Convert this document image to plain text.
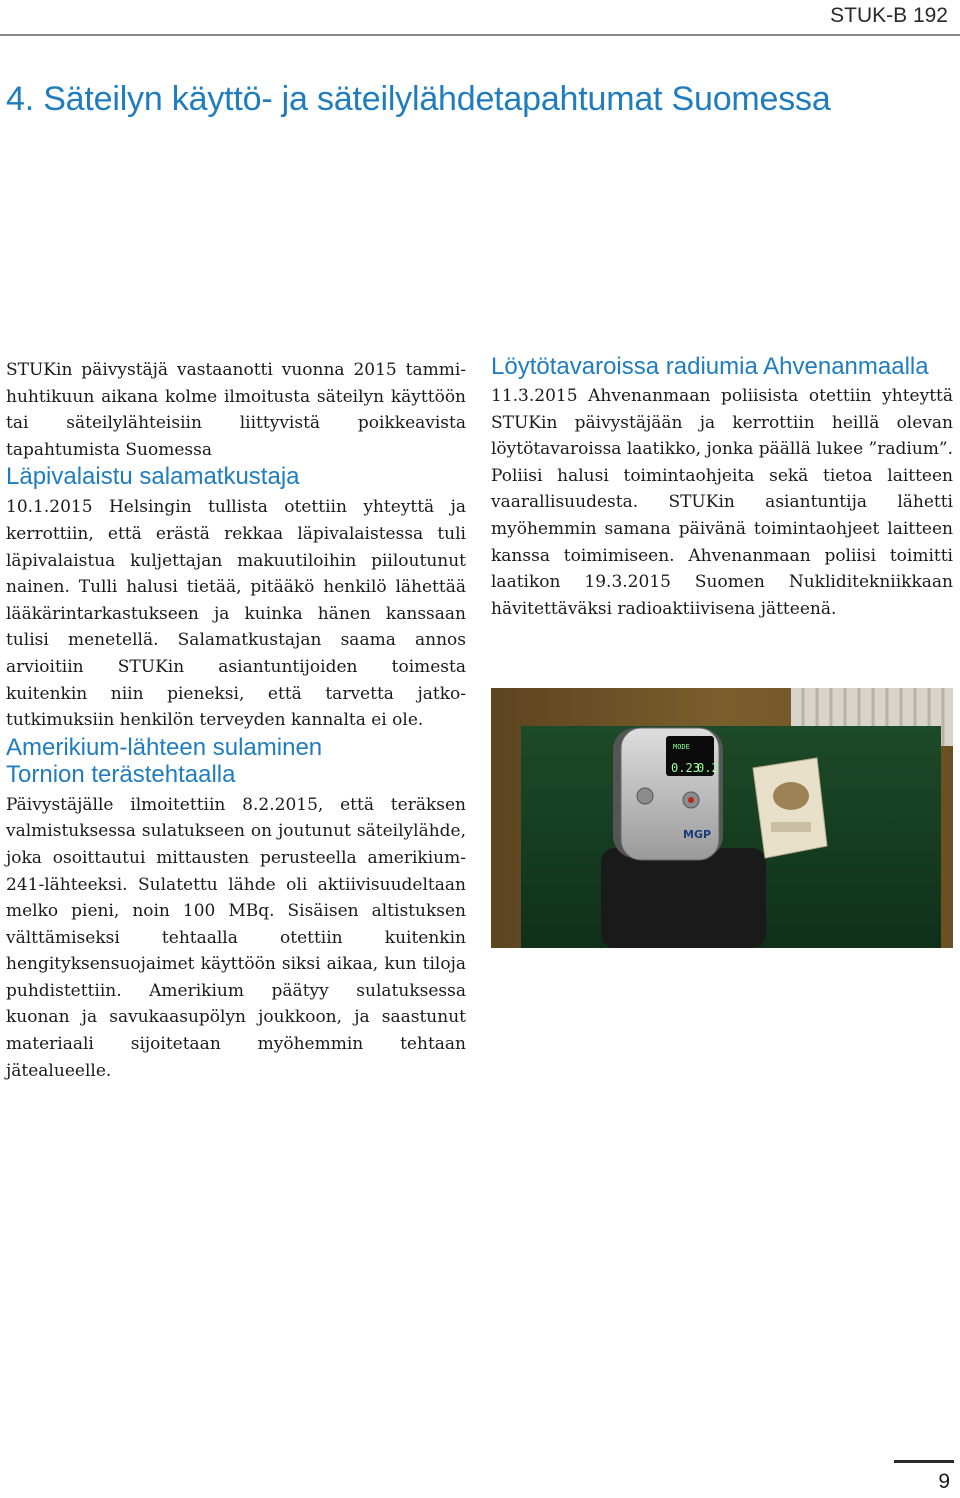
STUK-B 192
4. Säteilyn käyttö- ja säteilylähdetapahtumat Suomessa

STUKin päivystäjä vastaanotti vuonna 2015 tammi-huhtikuun aikana kolme ilmoitusta säteilyn käyttöön tai säteilylähteisiin liittyvistä poikkeavista tapahtumista Suomessa

Läpivalaistu salamatkustaja

10.1.2015 Helsingin tullista otettiin yhteyttä ja kerrottiin, että erästä rekkaa läpivalaistessa tuli läpivalaistua kuljettajan makuutiloihin piiloutunut nainen. Tulli halusi tietää, pitääkö henkilö lähettää lääkärintarkastukseen ja kuinka hänen kanssaan tulisi menetellä. Salamatkustajan saama annos arvioitiin STUKin asiantuntijoiden toimesta kuitenkin niin pieneksi, että tarvetta jatkotutkimuksiin henkilön terveyden kannalta ei ole.

Amerikium-lähteen sulaminen
Tornion terästehtaalla

Päivystäjälle ilmoitettiin 8.2.2015, että teräksen valmistuksessa sulatukseen on joutunut säteilylähde, joka osoittautui mittausten perusteella amerikium-241-lähteeksi. Sulatettu lähde oli aktiivisuudeltaan melko pieni, noin 100 MBq. Sisäisen altistuksen välttämiseksi tehtaalla otettiin kuitenkin hengityksensuojaimet käyttöön siksi aikaa, kun tiloja puhdistettiin. Amerikium päätyy sulatuksessa kuonan ja savukaasupölyn joukkoon, ja saastunut materiaali sijoitetaan myöhemmin tehtaan jätealueelle.

Löytötavaroissa radiumia Ahvenanmaalla

11.3.2015 Ahvenanmaan poliisista otettiin yhteyttä STUKin päivystäjään ja kerrottiin heillä olevan löytötavaroissa laatikko, jonka päällä lukee ”radium”. Poliisi halusi toimintaohjeita sekä tietoa laitteen vaarallisuudesta. STUKin asiantuntija lähetti myöhemmin samana päivänä toimintaohjeet laitteen kanssa toimimiseen. Ahvenanmaan poliisi toimitti laatikon 19.3.2015 Suomen Nukliditekniikkaan hävitettäväksi radioaktiivisena jätteenä.

MODE
0.23
0.2
MGP
9
